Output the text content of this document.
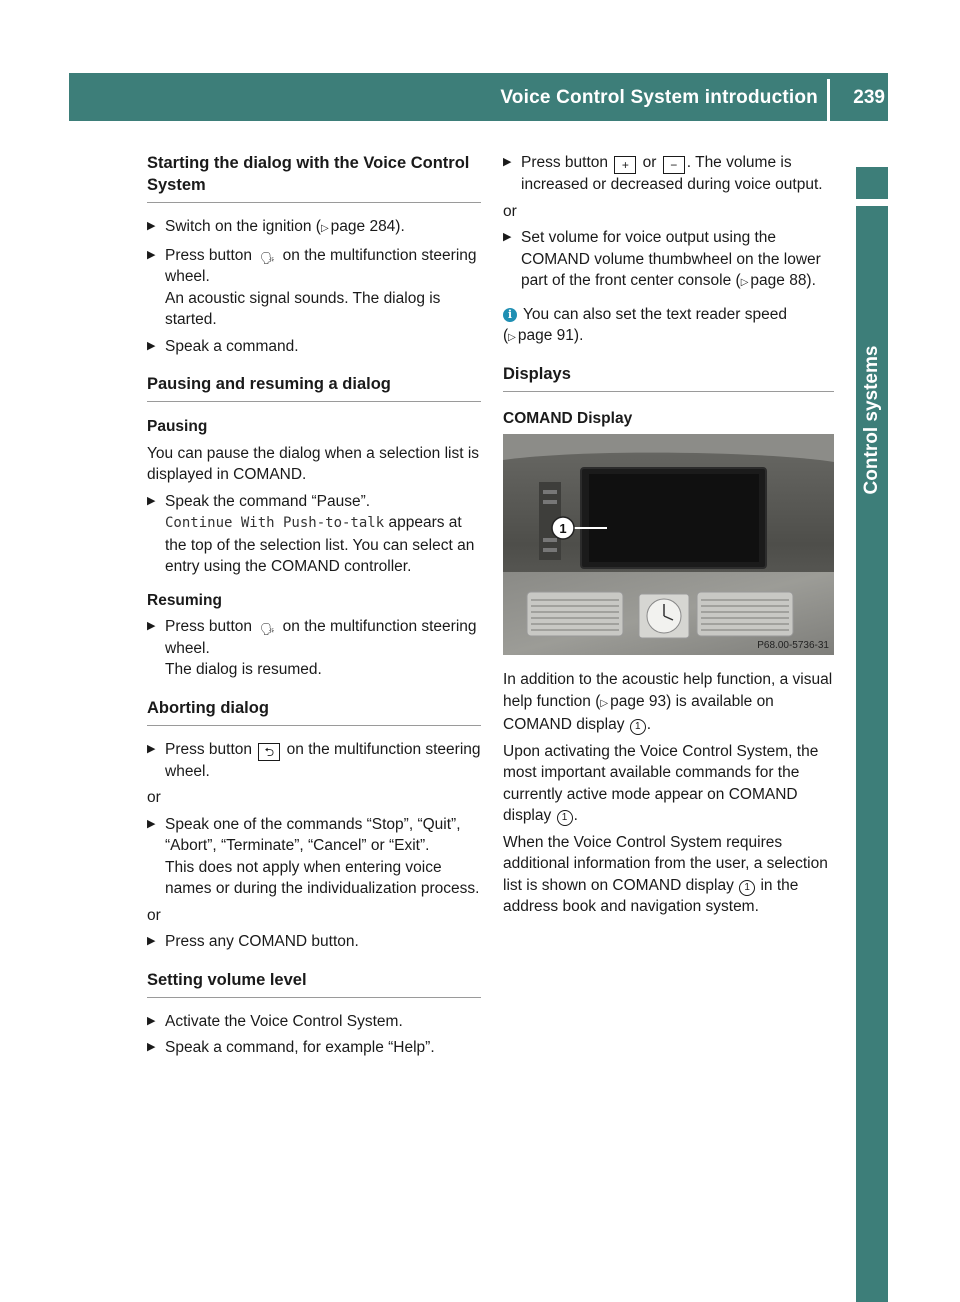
Voice Control System introduction 239
Control systems
Starting the dialog with the Voice Control System
▶ Switch on the ignition (▷ page 284).
▶ Press button 🗣︎ on the multifunction steering wheel.
An acoustic signal sounds. The dialog is started.
▶ Speak a command.
Pausing and resuming a dialog
Pausing
You can pause the dialog when a selection list is displayed in COMAND.
▶ Speak the command “Pause”.
Continue With Push-to-talk appears at the top of the selection list. You can select an entry using the COMAND controller.
Resuming
▶ Press button 🗣︎ on the multifunction steering wheel.
The dialog is resumed.
Aborting dialog
▶ Press button ⮌ on the multifunction steering wheel.
or
▶ Speak one of the commands “Stop”, “Quit”, “Abort”, “Terminate”, “Cancel” or “Exit”.
This does not apply when entering voice names or during the individualization process.
or
▶ Press any COMAND button.
Setting volume level
▶ Activate the Voice Control System.
▶ Speak a command, for example “Help”.
▶ Press button + or − . The volume is increased or decreased during voice output.
or
▶ Set volume for voice output using the COMAND volume thumbwheel on the lower part of the front center console (▷ page 88).
i You can also set the text reader speed (▷ page 91).
Displays
COMAND Display
1
P68.00-5736-31
In addition to the acoustic help function, a visual help function (▷ page 93) is available on COMAND display 1 .
Upon activating the Voice Control System, the most important available commands for the currently active mode appear on COMAND display 1 .
When the Voice Control System requires additional information from the user, a selection list is shown on COMAND display 1 in the address book and navigation system.
